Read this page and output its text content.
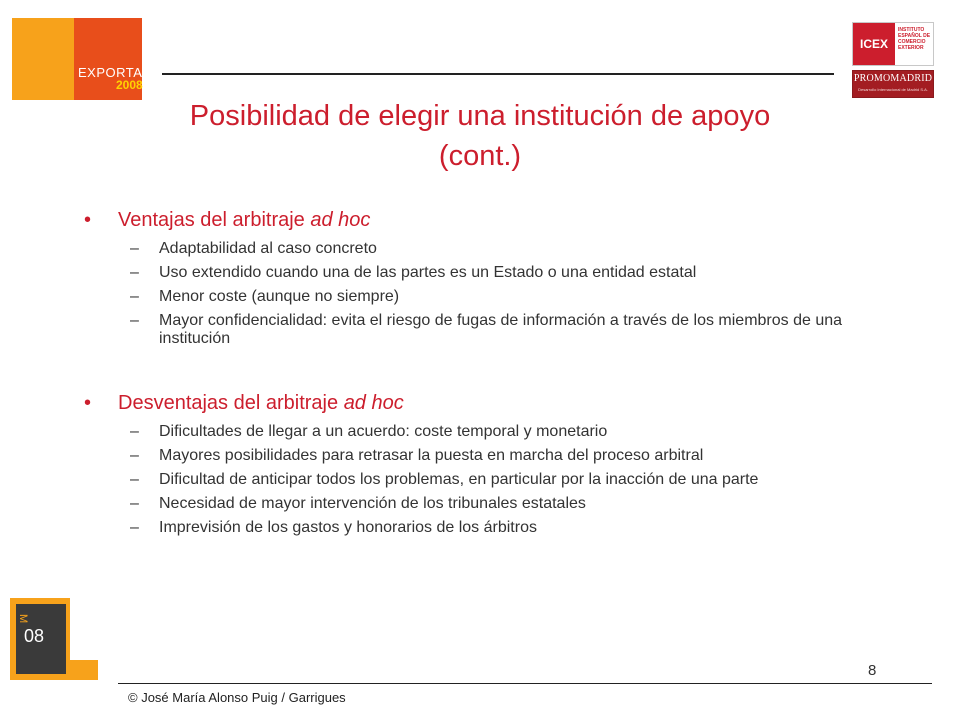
EXPORTA
2008
ICEX
INSTITUTO ESPAÑOL DE COMERCIO EXTERIOR
PROMOMADRID
Desarrollo Internacional de Madrid S.A.
Posibilidad de elegir una institución de apoyo
(cont.)
• Ventajas del arbitraje ad hoc
– Adaptabilidad al caso concreto
– Uso extendido cuando una de las partes es un Estado o una entidad estatal
– Menor coste (aunque no siempre)
– Mayor confidencialidad: evita el riesgo de fugas de información a través de los miembros de una institución
• Desventajas del arbitraje ad hoc
– Dificultades de llegar a un acuerdo: coste temporal y monetario
– Mayores posibilidades para retrasar la puesta en marcha del proceso arbitral
– Dificultad de anticipar todos los problemas, en particular por la inacción de una parte
– Necesidad de mayor intervención de los tribunales estatales
– Imprevisión de los gastos y honorarios de los árbitros
M
08
8
© José María Alonso Puig / Garrigues
